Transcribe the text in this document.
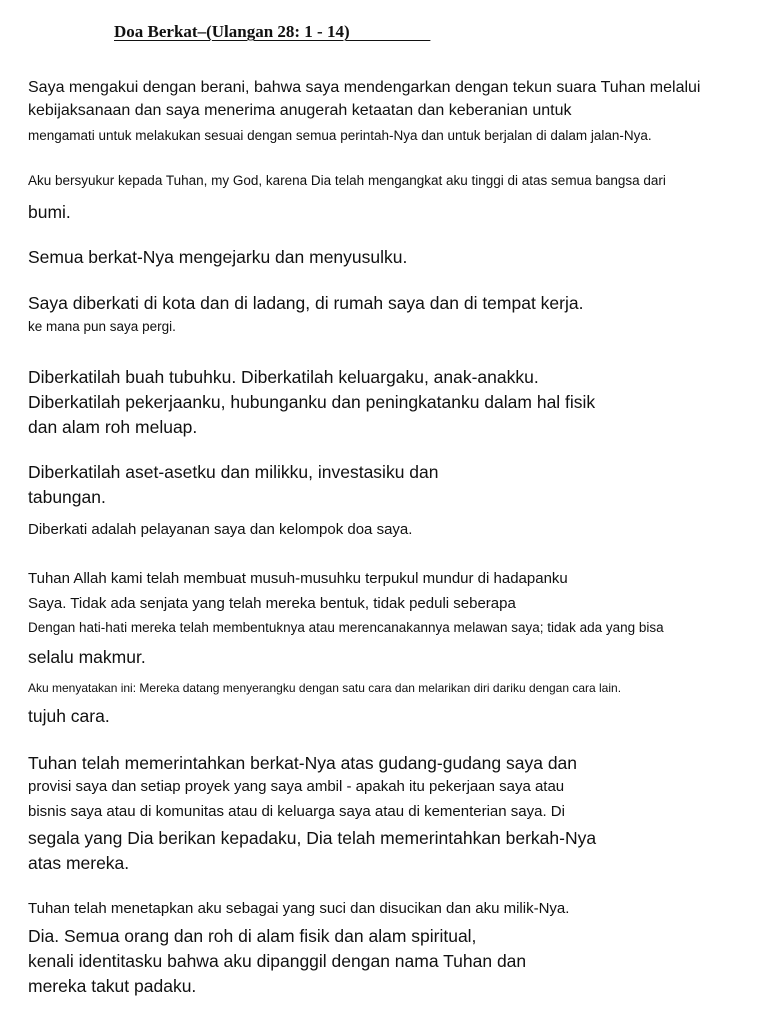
Doa Berkat–(Ulangan 28: 1 - 14)
Saya mengakui dengan berani, bahwa saya mendengarkan dengan tekun suara Tuhan melalui
kebijaksanaan dan saya menerima anugerah ketaatan dan keberanian untuk
mengamati untuk melakukan sesuai dengan semua perintah-Nya dan untuk berjalan di dalam jalan-Nya.
Aku bersyukur kepada Tuhan, my God, karena Dia telah mengangkat aku tinggi di atas semua bangsa dari
bumi.
Semua berkat-Nya mengejarku dan menyusulku.
Saya diberkati di kota dan di ladang, di rumah saya dan di tempat kerja.
ke mana pun saya pergi.
Diberkatilah buah tubuhku. Diberkatilah keluargaku, anak-anakku.
Diberkatilah pekerjaanku, hubunganku dan peningkatanku dalam hal fisik
dan alam roh meluap.
Diberkatilah aset-asetku dan milikku, investasiku dan
tabungan.
Diberkati adalah pelayanan saya dan kelompok doa saya.
Tuhan Allah kami telah membuat musuh-musuhku terpukul mundur di hadapanku
Saya. Tidak ada senjata yang telah mereka bentuk, tidak peduli seberapa
Dengan hati-hati mereka telah membentuknya atau merencanakannya melawan saya; tidak ada yang bisa
selalu makmur.
Aku menyatakan ini: Mereka datang menyerangku dengan satu cara dan melarikan diri dariku dengan cara lain.
tujuh cara.
Tuhan telah memerintahkan berkat-Nya atas gudang-gudang saya dan
provisi saya dan setiap proyek yang saya ambil - apakah itu pekerjaan saya atau
bisnis saya atau di komunitas atau di keluarga saya atau di kementerian saya. Di
segala yang Dia berikan kepadaku, Dia telah memerintahkan berkah-Nya
atas mereka.
Tuhan telah menetapkan aku sebagai yang suci dan disucikan dan aku milik-Nya.
Dia. Semua orang dan roh di alam fisik dan alam spiritual,
kenali identitasku bahwa aku dipanggil dengan nama Tuhan dan
mereka takut padaku.
